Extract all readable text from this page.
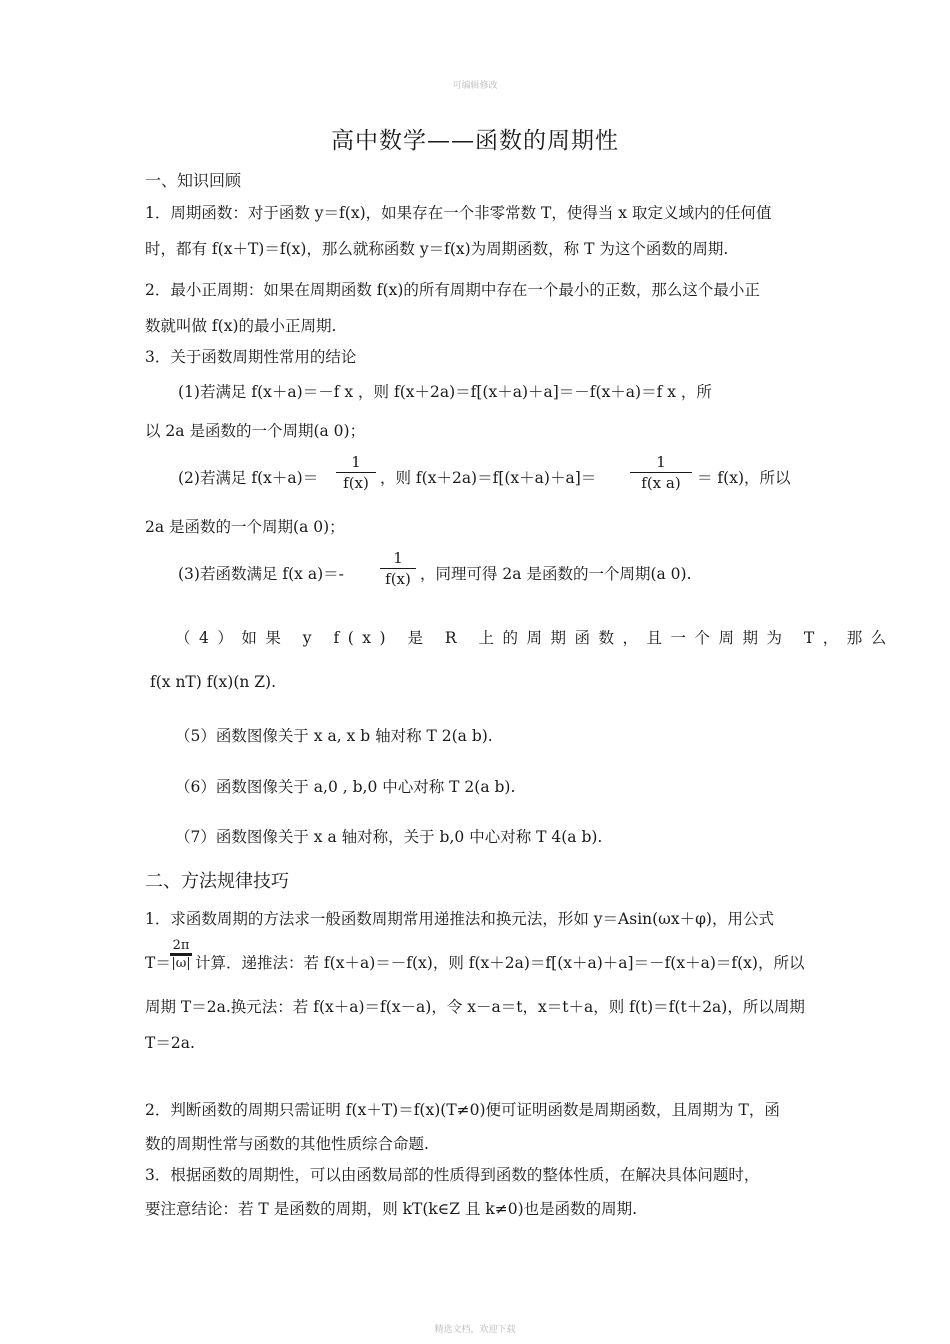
可编辑修改
高中数学——函数的周期性
一、知识回顾
1．周期函数：对于函数 y＝f(x)，如果存在一个非零常数 T，使得当 x 取定义域内的任何值
时，都有 f(x＋T)＝f(x)，那么就称函数 y＝f(x)为周期函数，称 T 为这个函数的周期.
2．最小正周期：如果在周期函数 f(x)的所有周期中存在一个最小的正数，那么这个最小正
数就叫做 f(x)的最小正周期.
3．关于函数周期性常用的结论
(1)若满足 f(x＋a)＝－f x ，则 f(x＋2a)＝f[(x＋a)＋a]＝－f(x＋a)＝f x ，所
以 2a 是函数的一个周期(a 0)；
(2)若满足 f(x＋a)＝
1
f(x) ，则 f(x＋2a)＝f[(x＋a)＋a]＝
1
f(x a)	＝ f(x)，所以
2a 是函数的一个周期(a 0)；
(3)若函数满足 f(x a)＝-
1
f(x) ，同理可得 2a 是函数的一个周期(a 0).
（4）如果 y f(x) 是 R 上的周期函数，且一个周期为 T，那么
f(x nT) f(x)(n Z).
（5）函数图像关于 x a, x b 轴对称 T 2(a b).
（6）函数图像关于 a,0 , b,0 中心对称 T 2(a b).
（7）函数图像关于 x a 轴对称，关于 b,0 中心对称 T 4(a b).
二、方法规律技巧
1．求函数周期的方法求一般函数周期常用递推法和换元法，形如 y＝Asin(ωx＋φ)，用公式
T＝
2π
|ω| 计算．递推法：若 f(x＋a)＝－f(x)，则 f(x＋2a)＝f[(x＋a)＋a]＝－f(x＋a)＝f(x)，所以
周期 T＝2a.换元法：若 f(x＋a)＝f(x－a)，令 x－a＝t，x＝t＋a，则 f(t)＝f(t＋2a)，所以周期
T＝2a.
2．判断函数的周期只需证明 f(x＋T)＝f(x)(T≠0)便可证明函数是周期函数，且周期为 T，函
数的周期性常与函数的其他性质综合命题.
3．根据函数的周期性，可以由函数局部的性质得到函数的整体性质，在解决具体问题时，
要注意结论：若 T 是函数的周期，则 kT(k∈Z 且 k≠0)也是函数的周期.
精选文档，欢迎下载
